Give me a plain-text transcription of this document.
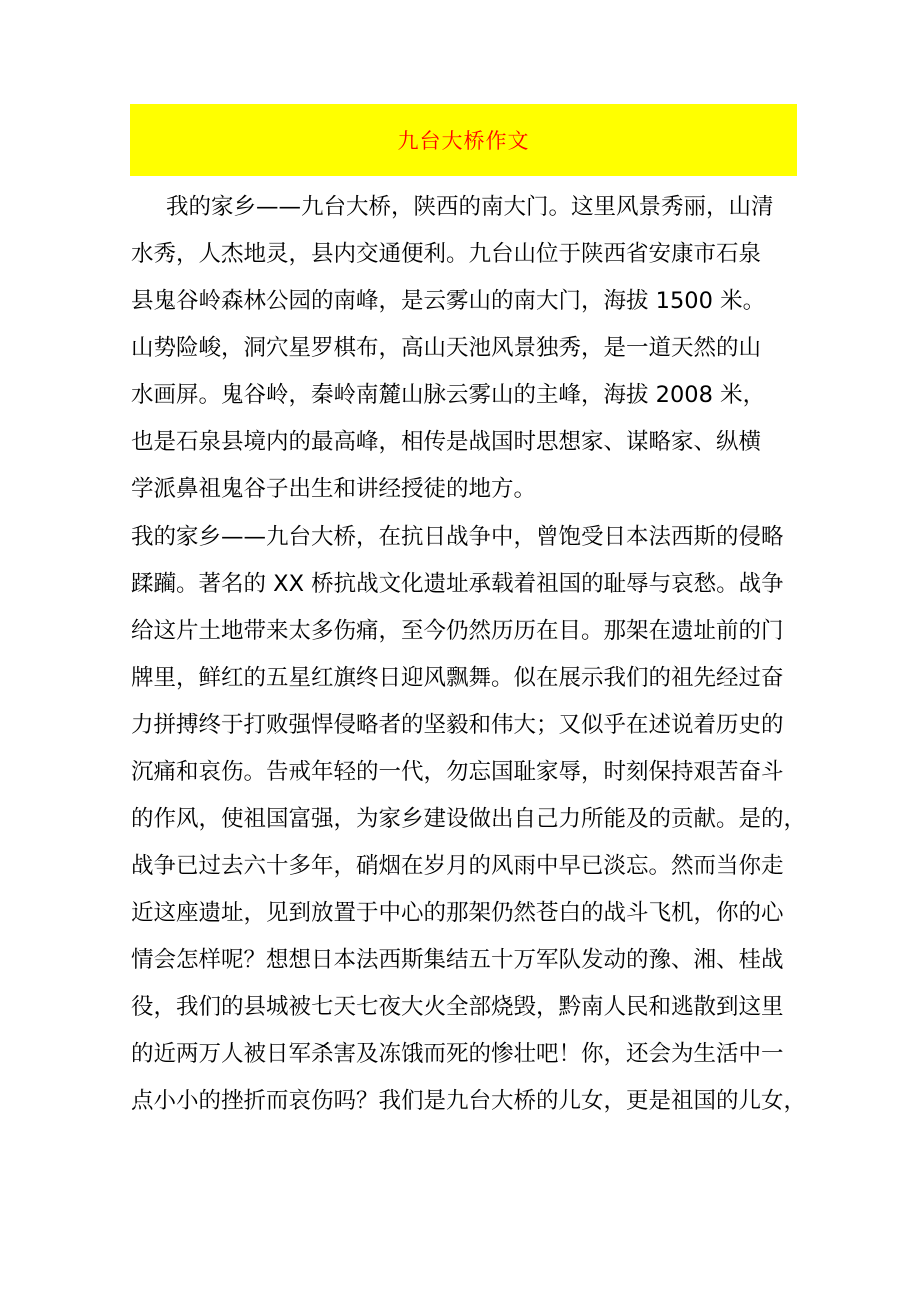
九台大桥作文

我的家乡——九台大桥，陕西的南大门。这里风景秀丽，山清

水秀，人杰地灵，县内交通便利。九台山位于陕西省安康市石泉

县鬼谷岭森林公园的南峰，是云雾山的南大门，海拔 1500 米。

山势险峻，洞穴星罗棋布，高山天池风景独秀，是一道天然的山

水画屏。鬼谷岭，秦岭南麓山脉云雾山的主峰，海拔 2008 米，

也是石泉县境内的最高峰，相传是战国时思想家、谋略家、纵横

学派鼻祖鬼谷子出生和讲经授徒的地方。

我的家乡——九台大桥，在抗日战争中，曾饱受日本法西斯的侵略

蹂躏。著名的 XX 桥抗战文化遗址承载着祖国的耻辱与哀愁。战争

给这片土地带来太多伤痛，至今仍然历历在目。那架在遗址前的门

牌里，鲜红的五星红旗终日迎风飘舞。似在展示我们的祖先经过奋

力拼搏终于打败强悍侵略者的坚毅和伟大；又似乎在述说着历史的

沉痛和哀伤。告戒年轻的一代，勿忘国耻家辱，时刻保持艰苦奋斗

的作风，使祖国富强，为家乡建设做出自己力所能及的贡献。是的，

战争已过去六十多年，硝烟在岁月的风雨中早已淡忘。然而当你走

近这座遗址，见到放置于中心的那架仍然苍白的战斗飞机，你的心

情会怎样呢？想想日本法西斯集结五十万军队发动的豫、湘、桂战

役，我们的县城被七天七夜大火全部烧毁，黔南人民和逃散到这里

的近两万人被日军杀害及冻饿而死的惨壮吧！你，还会为生活中一

点小小的挫折而哀伤吗？我们是九台大桥的儿女，更是祖国的儿女，
